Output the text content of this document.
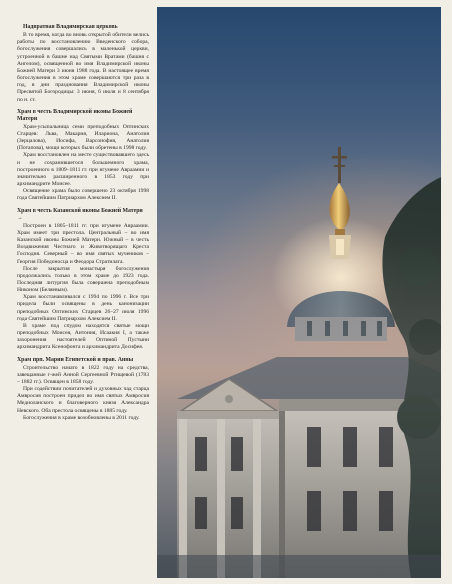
Надвратная Владимирская церковь

В то время, когда во вновь открытой обители велись работы по восстановлению Введенского собора, богослужения совершались в маленькой церкви, устроенной в башне над Святыми Вратами (башня с Ангелом), освященной во имя Владимирской иконы Божией Матери 3 июня 1988 года. В настоящее время богослужения в этом храме совершаются три раза в год, в дни празднования Владимирской иконы Пресвятой Богородицы: 3 июня, 6 июля и 8 сентября по н. ст.

Храм в честь Владимирской иконы Божией Матери

Храм-усыпальница семи преподобных Оптинских Старцев: Льва, Макария, Илариона, Анатолия (Зерцалова), Иосифа, Варсонофия, Анатолия (Потапова), мощи которых были обретены в 1998 году.

Храм восстановлен на месте существовавшего здесь и не сохранившегося большемного храма, построенного в 1809–1811 гг. при игумене Авраамии и значительно расширенного в 1853 году при архимандрите Моисее.

Освящение храма было совершено 23 октября 1998 года Святейшим Патриархом Алексием II.

Храм в честь Казанской иконы Божией Матери →

Построен в 1805–1811 гг. при игумене Авраамии. Храм имеет три престола. Центральный – во имя Казанской иконы Божией Матери. Южный – в честь Воздвижения Честнаго и Животворящаго Креста Господня. Северный – во имя святых мучеников – Георгия Победоносца и Феодора Стратилата.

После закрытия монастыря богослужения продолжались только в этом храме до 1923 года. Последняя литургия была совершена преподобным Никоном (Беляевым).

Храм восстанавливался с 1994 по 1996 г. Все три придела были освящены в день канонизации преподобных Оптинских Старцев 26–27 июля 1996 года Святейшим Патриархом Алексием II.

В храме под спудом находятся святые мощи преподобных Моисея, Антония, Исаакия I, а также захоронения настоятелей Оптиной Пустыни архимандрита Ксенофонта и архимандрита Досифея.

Храм прп. Марии Египетской и прав. Анны

Строительство начато в 1822 году на средства, завещанные г-жей Анной Сергеевной Ртищевой (1783 – 1882 гг.). Освящен в 1858 году.

При содействии почитателей и духовных чад старца Амвросия построен придел во имя святых Амвросия Медиоланского и благоверного князя Александра Невского. Оба престола освящены в 1885 году.

Богослужения в храме возобновлены в 2011 году.
